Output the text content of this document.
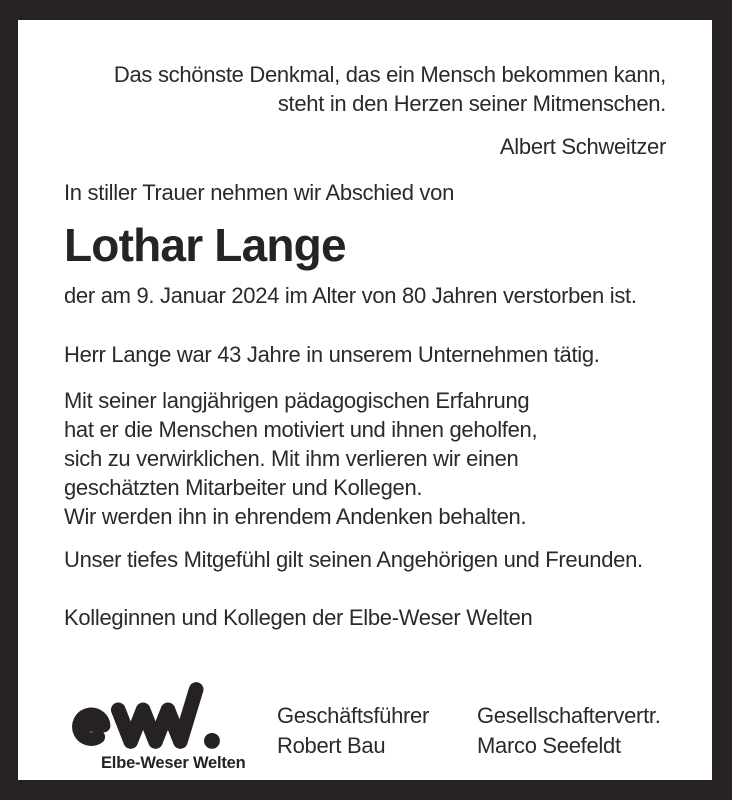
Das schönste Denkmal, das ein Mensch bekommen kann,
steht in den Herzen seiner Mitmenschen.
Albert Schweitzer
In stiller Trauer nehmen wir Abschied von
Lothar Lange
der am 9. Januar 2024 im Alter von 80 Jahren verstorben ist.
Herr Lange war 43 Jahre in unserem Unternehmen tätig.
Mit seiner langjährigen pädagogischen Erfahrung
hat er die Menschen motiviert und ihnen geholfen,
sich zu verwirklichen. Mit ihm verlieren wir einen
geschätzten Mitarbeiter und Kollegen.
Wir werden ihn in ehrendem Andenken behalten.
Unser tiefes Mitgefühl gilt seinen Angehörigen und Freunden.
Kolleginnen und Kollegen der Elbe-Weser Welten
Elbe-Weser Welten
Geschäftsführer
Robert Bau
Gesellschaftervertr.
Marco Seefeldt
